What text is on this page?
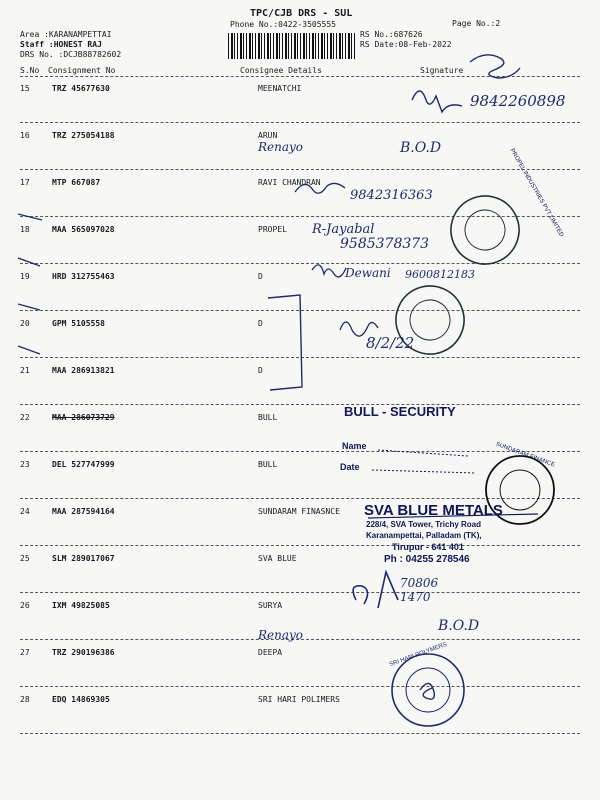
TPC/CJB DRS - SUL
Phone No.:0422-3505555
Area :KARANAMPETTAI
Staff :HONEST RAJ
DRS No. :DCJB88782602
RS No.:687626
RS Date:08-Feb-2022
Page No.:2
S.No Consignment No	Consignee Details	Signature
15	TRZ 45677630	MEENATCHI
16	TRZ 275054188	ARUN
17	MTP 667087	RAVI CHANDRAN
18	MAA 565097028	PROPEL
19	HRD 312755463	D
20	GPM 5105558	D
21	MAA 286913821	D
22	MAA 286073729	BULL
23	DEL 527747999	BULL
24	MAA 287594164	SUNDARAM FINASNCE
25	SLM 289017067	SVA BLUE
26	IXM 49825085	SURYA
27	TRZ 290196386	DEEPA
28	EDQ 14869305	SRI HARI POLIMERS
9842260898
Renayo	B.O.D
9842316363
R-Jayabal
9585378373
Dewani 9600812183
8/2/22
70806 1470
Renayo
B.O.D
BULL - SECURITY
Name
Date
SVA BLUE METALS
228/4, SVA Tower, Trichy Road
Karanampettai, Palladam (TK),
Tirupur - 641 401
Ph : 04255 278546
PROPEL INDUSTRIES PVT LIMITED
SUNDARAM FINANCE
SRI HARI POLYMERS
